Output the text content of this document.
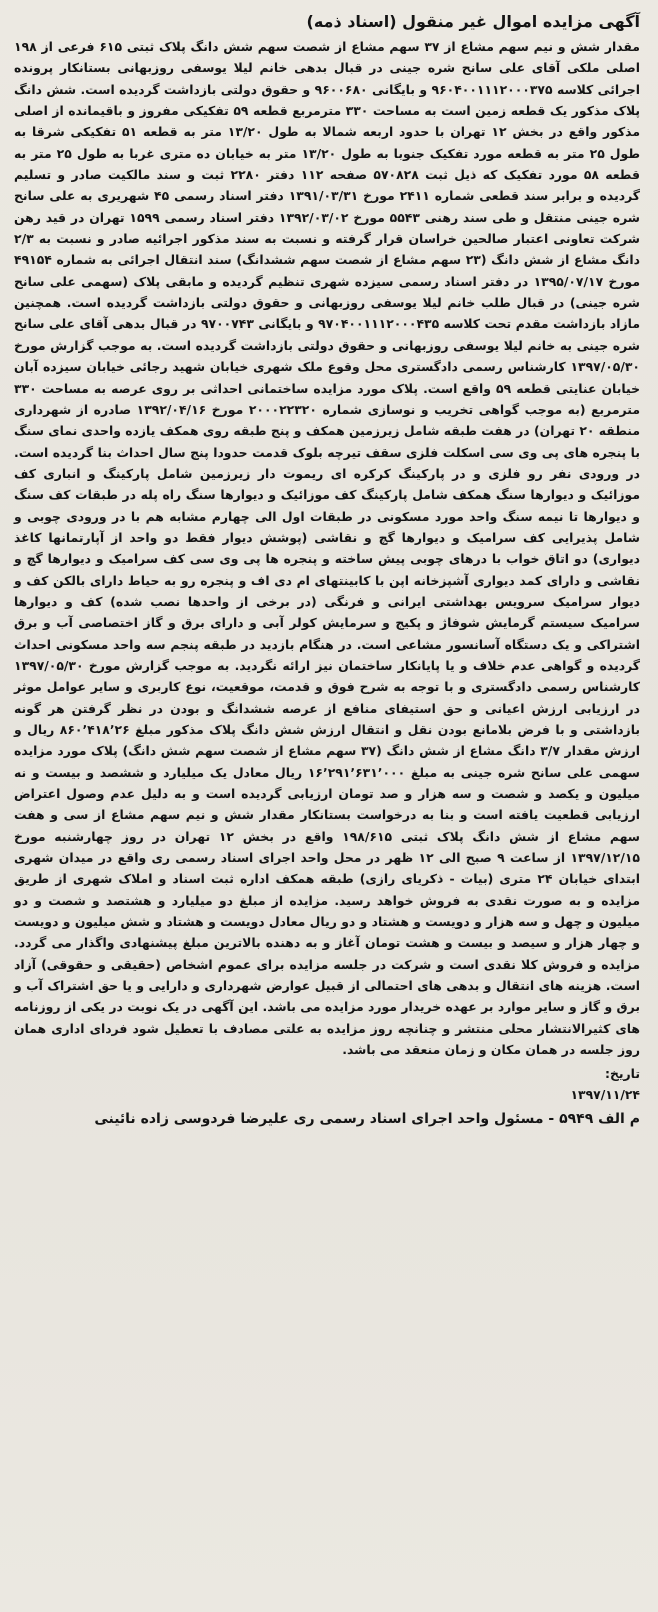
آگهی مزایده اموال غیر منقول (اسناد ذمه)

مقدار شش و نیم سهم مشاع از ۳۷ سهم مشاع از شصت سهم شش دانگ پلاک ثبتی ۶۱۵ فرعی از ۱۹۸ اصلی ملکی آقای علی سانح شره جینی در قبال بدهی خانم لیلا یوسفی روزبهانی بستانکار پرونده اجرائی کلاسه ۹۶۰۴۰۰۱۱۱۲۰۰۰۳۷۵ و بایگانی ۹۶۰۰۶۸۰ و حقوق دولتی بازداشت گردیده است. شش دانگ پلاک مذکور یک قطعه زمین است به مساحت ۳۳۰ مترمربع قطعه ۵۹ تفکیکی مفروز و باقیمانده از اصلی مذکور واقع در بخش ۱۲ تهران با حدود اربعه شمالا به طول ۱۳/۲۰ متر به قطعه ۵۱ تفکیکی شرقا به طول ۲۵ متر به قطعه مورد تفکیک جنوبا به طول ۱۳/۲۰ متر به خیابان ده متری غربا به طول ۲۵ متر به قطعه ۵۸ مورد تفکیک که ذیل ثبت ۵۷۰۸۲۸ صفحه ۱۱۲ دفتر ۲۲۸۰ ثبت و سند مالکیت صادر و تسلیم گردیده و برابر سند قطعی شماره ۲۴۱۱ مورخ ۱۳۹۱/۰۳/۳۱ دفتر اسناد رسمی ۴۵ شهریری به علی سانح شره جینی منتقل و طی سند رهنی ۵۵۴۳ مورخ ۱۳۹۲/۰۳/۰۲ دفتر اسناد رسمی ۱۵۹۹ تهران در قید رهن شرکت تعاونی اعتبار صالحین خراسان قرار گرفته و نسبت به سند مذکور اجرائیه صادر و نسبت به ۲/۳ دانگ مشاع از شش دانگ (۲۳ سهم مشاع از شصت سهم ششدانگ) سند انتقال اجرائی به شماره ۴۹۱۵۴ مورخ ۱۳۹۵/۰۷/۱۷ در دفتر اسناد رسمی سیزده شهری تنظیم گردیده و مابقی پلاک (سهمی علی سانح شره جینی) در قبال طلب خانم لیلا یوسفی روزبهانی و حقوق دولتی بازداشت گردیده است. همچنین مازاد بازداشت مقدم تحت کلاسه ۹۷۰۴۰۰۱۱۱۲۰۰۰۴۳۵ و بایگانی ۹۷۰۰۷۴۳ در قبال بدهی آقای علی سانح شره جینی به خانم لیلا یوسفی روزبهانی و حقوق دولتی بازداشت گردیده است. به موجب گزارش مورخ ۱۳۹۷/۰۵/۳۰ کارشناس رسمی دادگستری محل وقوع ملک شهری خیابان شهید رجائی خیابان سیزده آبان خیابان عنایتی قطعه ۵۹ واقع است. پلاک مورد مزایده ساختمانی احداثی بر روی عرصه به مساحت ۳۳۰ مترمربع (به موجب گواهی تخریب و نوسازی شماره ۲۰۰۰۲۲۳۲۰ مورخ ۱۳۹۲/۰۴/۱۶ صادره از شهرداری منطقه ۲۰ تهران) در هفت طبقه شامل زیرزمین همکف و پنج طبقه روی همکف یازده واحدی نمای سنگ با پنجره های پی وی سی اسکلت فلزی سقف تیرچه بلوک قدمت حدودا پنج سال احداث بنا گردیده است. در ورودی نفر رو فلزی و در پارکینگ کرکره ای ریموت دار زیرزمین شامل پارکینگ و انباری کف موزائیک و دیوارها سنگ همکف شامل پارکینگ کف موزائیک و دیوارها سنگ راه پله در طبقات کف سنگ و دیوارها تا نیمه سنگ واحد مورد مسکونی در طبقات اول الی چهارم مشابه هم با در ورودی چوبی و شامل پذیرایی کف سرامیک و دیوارها گچ و نقاشی (پوشش دیوار فقط دو واحد از آپارتمانها کاغذ دیواری) دو اتاق خواب با درهای چوبی پیش ساخته و پنجره ها پی وی سی کف سرامیک و دیوارها گچ و نقاشی و دارای کمد دیواری آشپزخانه اپن با کابینتهای ام دی اف و پنجره رو به حیاط دارای بالکن کف و دیوار سرامیک سرویس بهداشتی ایرانی و فرنگی (در برخی از واحدها نصب شده) کف و دیوارها سرامیک سیستم گرمایش شوفاژ و پکیج و سرمایش کولر آبی و دارای برق و گاز اختصاصی آب و برق اشتراکی و یک دستگاه آسانسور مشاعی است. در هنگام بازدید در طبقه پنجم سه واحد مسکونی احداث گردیده و گواهی عدم خلاف و یا پایانکار ساختمان نیز ارائه نگردید. به موجب گزارش مورخ ۱۳۹۷/۰۵/۳۰ کارشناس رسمی دادگستری و با توجه به شرح فوق و قدمت، موقعیت، نوع کاربری و سایر عوامل موثر در ارزیابی ارزش اعیانی و حق استیفای منافع از عرصه ششدانگ و بودن در نظر گرفتن هر گونه بازداشتی و با فرض بلامانع بودن نقل و انتقال ارزش شش دانگ پلاک مذکور مبلغ ۸۶۰٬۴۱۸٬۲۶ ریال و ارزش مقدار ۳/۷ دانگ مشاع از شش دانگ (۳۷ سهم مشاع از شصت سهم شش دانگ) پلاک مورد مزایده سهمی علی سانح شره جینی به مبلغ ۱۶٬۲۹۱٬۶۳۱٬۰۰۰ ریال معادل یک میلیارد و ششصد و بیست و نه میلیون و یکصد و شصت و سه هزار و صد تومان ارزیابی گردیده است و به دلیل عدم وصول اعتراض ارزیابی قطعیت یافته است و بنا به درخواست بستانکار مقدار شش و نیم سهم مشاع از سی و هفت سهم مشاع از شش دانگ پلاک ثبتی ۱۹۸/۶۱۵ واقع در بخش ۱۲ تهران در روز چهارشنبه مورخ ۱۳۹۷/۱۲/۱۵ از ساعت ۹ صبح الی ۱۲ ظهر در محل واحد اجرای اسناد رسمی ری واقع در میدان شهری ابتدای خیابان ۲۴ متری (بیات - ذکریای رازی) طبقه همکف اداره ثبت اسناد و املاک شهری از طریق مزایده و به صورت نقدی به فروش خواهد رسید. مزایده از مبلغ دو میلیارد و هشتصد و شصت و دو میلیون و چهل و سه هزار و دویست و هشتاد و دو ریال معادل دویست و هشتاد و شش میلیون و دویست و چهار هزار و سیصد و بیست و هشت تومان آغاز و به دهنده بالاترین مبلغ پیشنهادی واگذار می گردد. مزایده و فروش کلا نقدی است و شرکت در جلسه مزایده برای عموم اشخاص (حقیقی و حقوقی) آزاد است. هزینه های انتقال و بدهی های احتمالی از قبیل عوارض شهرداری و دارایی و یا حق اشتراک آب و برق و گاز و سایر موارد بر عهده خریدار مورد مزایده می باشد. این آگهی در یک نوبت در یکی از روزنامه های کثیرالانتشار محلی منتشر و چنانچه روز مزایده به علتی مصادف با تعطیل شود فردای اداری همان روز جلسه در همان مکان و زمان منعقد می باشد.

تاریخ:
۱۳۹۷/۱۱/۲۴
م الف ۵۹۴۹ - مسئول واحد اجرای اسناد رسمی ری علیرضا فردوسی زاده نائینی
